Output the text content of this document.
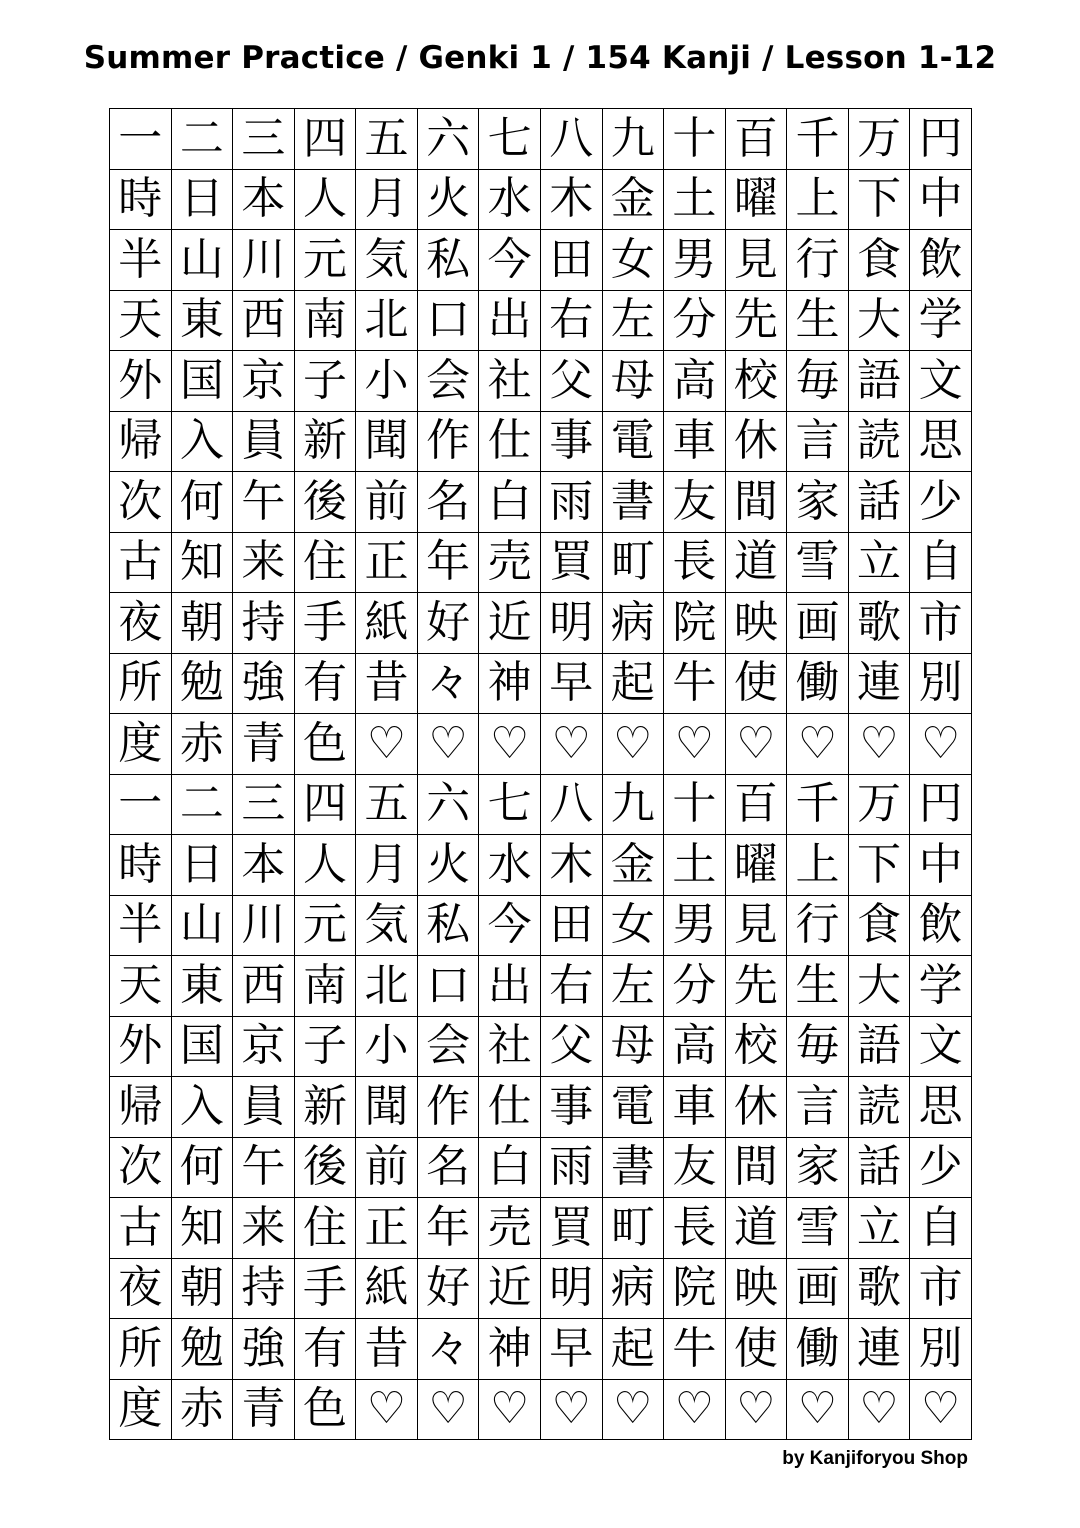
Summer Practice / Genki 1 / 154 Kanji / Lesson 1-12
一	二	三	四	五	六	七	八	九	十	百	千	万	円
時	日	本	人	月	火	水	木	金	土	曜	上	下	中
半	山	川	元	気	私	今	田	女	男	見	行	食	飲
天	東	西	南	北	口	出	右	左	分	先	生	大	学
外	国	京	子	小	会	社	父	母	高	校	毎	語	文
帰	入	員	新	聞	作	仕	事	電	車	休	言	読	思
次	何	午	後	前	名	白	雨	書	友	間	家	話	少
古	知	来	住	正	年	売	買	町	長	道	雪	立	自
夜	朝	持	手	紙	好	近	明	病	院	映	画	歌	市
所	勉	強	有	昔	々	神	早	起	牛	使	働	連	別
度	赤	青	色	♡	♡	♡	♡	♡	♡	♡	♡	♡	♡
一	二	三	四	五	六	七	八	九	十	百	千	万	円
時	日	本	人	月	火	水	木	金	土	曜	上	下	中
半	山	川	元	気	私	今	田	女	男	見	行	食	飲
天	東	西	南	北	口	出	右	左	分	先	生	大	学
外	国	京	子	小	会	社	父	母	高	校	毎	語	文
帰	入	員	新	聞	作	仕	事	電	車	休	言	読	思
次	何	午	後	前	名	白	雨	書	友	間	家	話	少
古	知	来	住	正	年	売	買	町	長	道	雪	立	自
夜	朝	持	手	紙	好	近	明	病	院	映	画	歌	市
所	勉	強	有	昔	々	神	早	起	牛	使	働	連	別
度	赤	青	色	♡	♡	♡	♡	♡	♡	♡	♡	♡	♡
by Kanjiforyou Shop
